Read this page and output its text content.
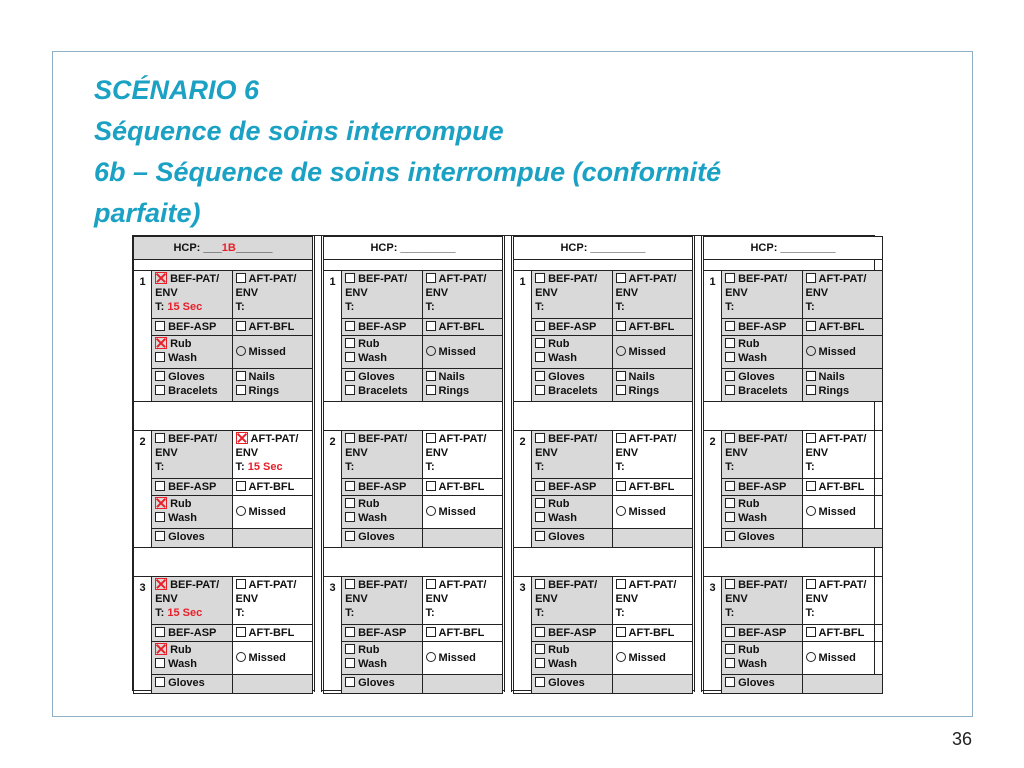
SCÉNARIO 6
Séquence de soins interrompue
6b – Séquence de soins interrompue (conformité
parfaite)
HCP: ___1B______		

1	BEF-PAT/
ENV
T: 15 Sec	AFT-PAT/
ENV
T:
	BEF-ASP	AFT-BFL
	Rub
Wash	Missed
	Gloves
Bracelets	Nails
Rings

2	BEF-PAT/
ENV
T:	AFT-PAT/
ENV
T: 15 Sec
	BEF-ASP	AFT-BFL
	Rub
Wash	Missed
	Gloves	

3	BEF-PAT/
ENV
T: 15 Sec	AFT-PAT/
ENV
T:
	BEF-ASP	AFT-BFL
	Rub
Wash	Missed
	Gloves	
HCP: _________		

1	BEF-PAT/
ENV
T:	AFT-PAT/
ENV
T:
	BEF-ASP	AFT-BFL
	Rub
Wash	Missed
	Gloves
Bracelets	Nails
Rings

2	BEF-PAT/
ENV
T:	AFT-PAT/
ENV
T:
	BEF-ASP	AFT-BFL
	Rub
Wash	Missed
	Gloves	

3	BEF-PAT/
ENV
T:	AFT-PAT/
ENV
T:
	BEF-ASP	AFT-BFL
	Rub
Wash	Missed
	Gloves	
HCP: _________		

1	BEF-PAT/
ENV
T:	AFT-PAT/
ENV
T:
	BEF-ASP	AFT-BFL
	Rub
Wash	Missed
	Gloves
Bracelets	Nails
Rings

2	BEF-PAT/
ENV
T:	AFT-PAT/
ENV
T:
	BEF-ASP	AFT-BFL
	Rub
Wash	Missed
	Gloves	

3	BEF-PAT/
ENV
T:	AFT-PAT/
ENV
T:
	BEF-ASP	AFT-BFL
	Rub
Wash	Missed
	Gloves	
HCP: _________		

1	BEF-PAT/
ENV
T:	AFT-PAT/
ENV
T:
	BEF-ASP	AFT-BFL
	Rub
Wash	Missed
	Gloves
Bracelets	Nails
Rings

2	BEF-PAT/
ENV
T:	AFT-PAT/
ENV
T:
	BEF-ASP	AFT-BFL
	Rub
Wash	Missed
	Gloves	

3	BEF-PAT/
ENV
T:	AFT-PAT/
ENV
T:
	BEF-ASP	AFT-BFL
	Rub
Wash	Missed
	Gloves	
36
